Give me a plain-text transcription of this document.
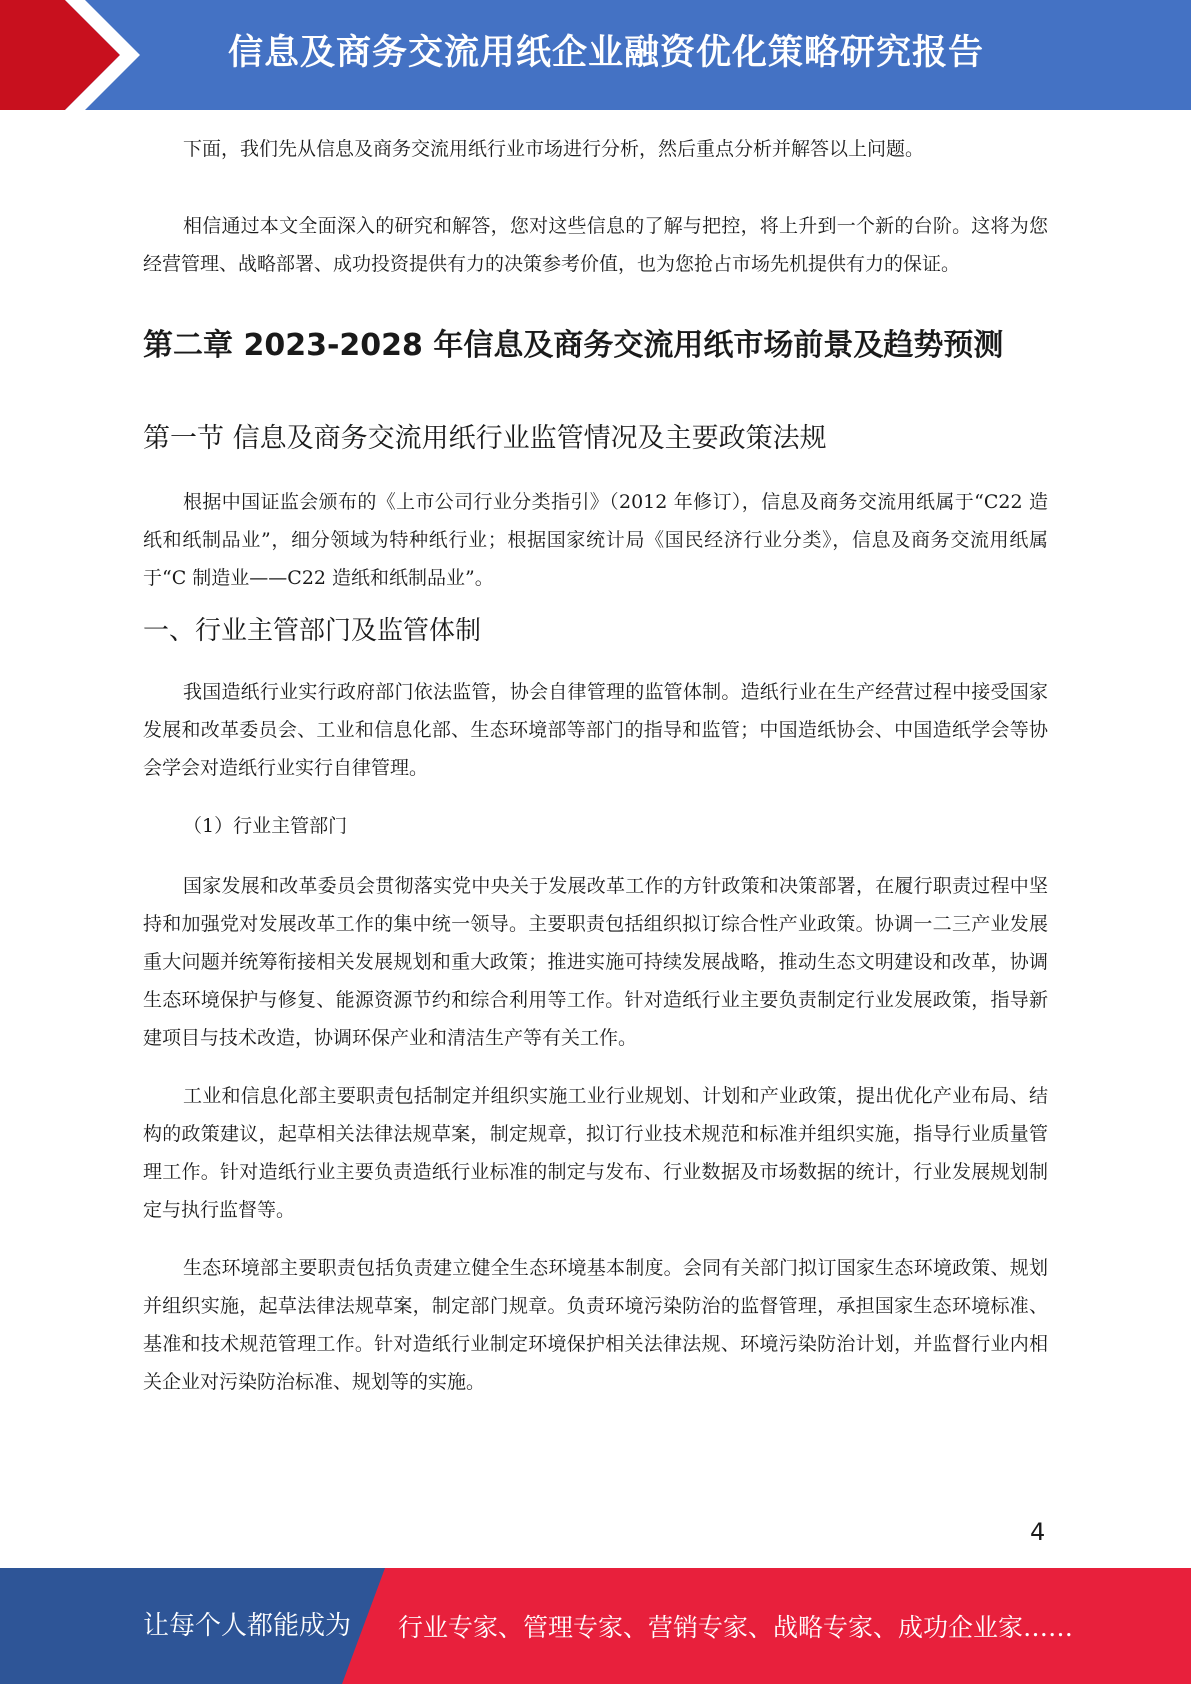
信息及商务交流用纸企业融资优化策略研究报告

下面，我们先从信息及商务交流用纸行业市场进行分析，然后重点分析并解答以上问题。

相信通过本文全面深入的研究和解答，您对这些信息的了解与把控，将上升到一个新的台阶。这将为您经营管理、战略部署、成功投资提供有力的决策参考价值，也为您抢占市场先机提供有力的保证。

第二章 2023-2028 年信息及商务交流用纸市场前景及趋势预测
第一节 信息及商务交流用纸行业监管情况及主要政策法规

根据中国证监会颁布的《上市公司行业分类指引》（2012 年修订），信息及商务交流用纸属于“C22 造纸和纸制品业”，细分领域为特种纸行业；根据国家统计局《国民经济行业分类》，信息及商务交流用纸属于“C 制造业——C22 造纸和纸制品业”。

一、行业主管部门及监管体制

我国造纸行业实行政府部门依法监管，协会自律管理的监管体制。造纸行业在生产经营过程中接受国家发展和改革委员会、工业和信息化部、生态环境部等部门的指导和监管；中国造纸协会、中国造纸学会等协会学会对造纸行业实行自律管理。

（1）行业主管部门

国家发展和改革委员会贯彻落实党中央关于发展改革工作的方针政策和决策部署，在履行职责过程中坚持和加强党对发展改革工作的集中统一领导。主要职责包括组织拟订综合性产业政策。协调一二三产业发展重大问题并统筹衔接相关发展规划和重大政策；推进实施可持续发展战略，推动生态文明建设和改革，协调生态环境保护与修复、能源资源节约和综合利用等工作。针对造纸行业主要负责制定行业发展政策，指导新建项目与技术改造，协调环保产业和清洁生产等有关工作。

工业和信息化部主要职责包括制定并组织实施工业行业规划、计划和产业政策，提出优化产业布局、结构的政策建议，起草相关法律法规草案，制定规章，拟订行业技术规范和标准并组织实施，指导行业质量管理工作。针对造纸行业主要负责造纸行业标准的制定与发布、行业数据及市场数据的统计，行业发展规划制定与执行监督等。

生态环境部主要职责包括负责建立健全生态环境基本制度。会同有关部门拟订国家生态环境政策、规划并组织实施，起草法律法规草案，制定部门规章。负责环境污染防治的监督管理，承担国家生态环境标准、基准和技术规范管理工作。针对造纸行业制定环境保护相关法律法规、环境污染防治计划，并监督行业内相关企业对污染防治标准、规划等的实施。

4
让每个人都能成为 行业专家、管理专家、营销专家、战略专家、成功企业家……
